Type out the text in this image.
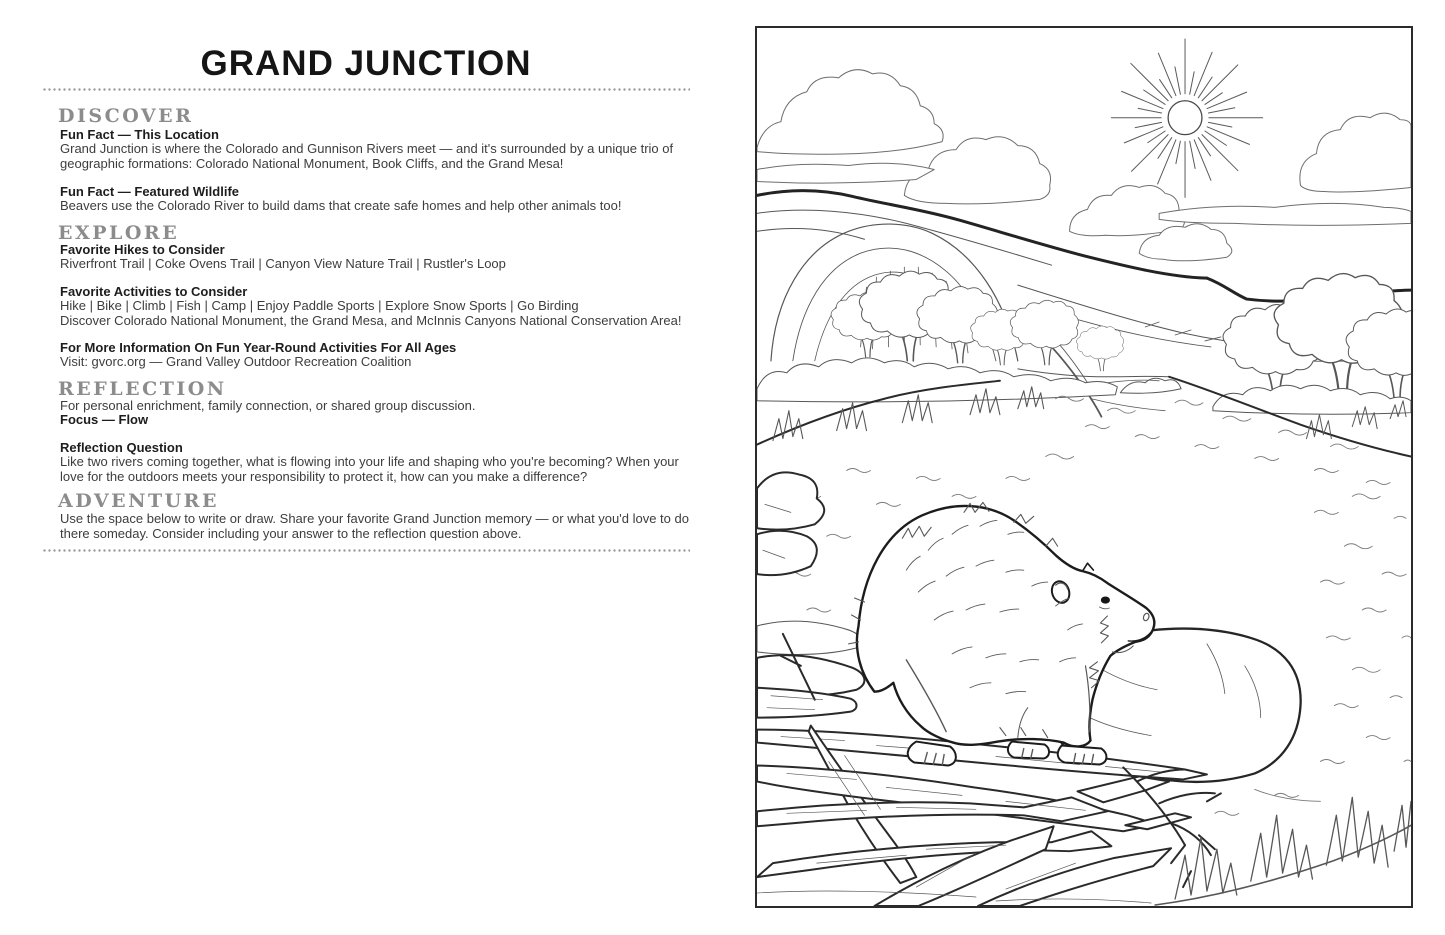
GRAND JUNCTION
DISCOVER
Fun Fact — This Location
Grand Junction is where the Colorado and Gunnison Rivers meet — and it's surrounded by a unique trio of geographic formations: Colorado National Monument, Book Cliffs, and the Grand Mesa!
Fun Fact — Featured Wildlife
Beavers use the Colorado River to build dams that create safe homes and help other animals too!
EXPLORE
Favorite Hikes to Consider
Riverfront Trail | Coke Ovens Trail | Canyon View Nature Trail | Rustler's Loop
Favorite Activities to Consider
Hike | Bike | Climb | Fish | Camp | Enjoy Paddle Sports | Explore Snow Sports | Go Birding
Discover Colorado National Monument, the Grand Mesa, and McInnis Canyons National Conservation Area!
For More Information On Fun Year-Round Activities For All Ages
Visit: gvorc.org — Grand Valley Outdoor Recreation Coalition
REFLECTION
For personal enrichment, family connection, or shared group discussion.
Focus — Flow
Reflection Question
Like two rivers coming together, what is flowing into your life and shaping who you're becoming? When your love for the outdoors meets your responsibility to protect it, how can you make a difference?
ADVENTURE
Use the space below to write or draw. Share your favorite Grand Junction memory — or what you'd love to do there someday. Consider including your answer to the reflection question above.
